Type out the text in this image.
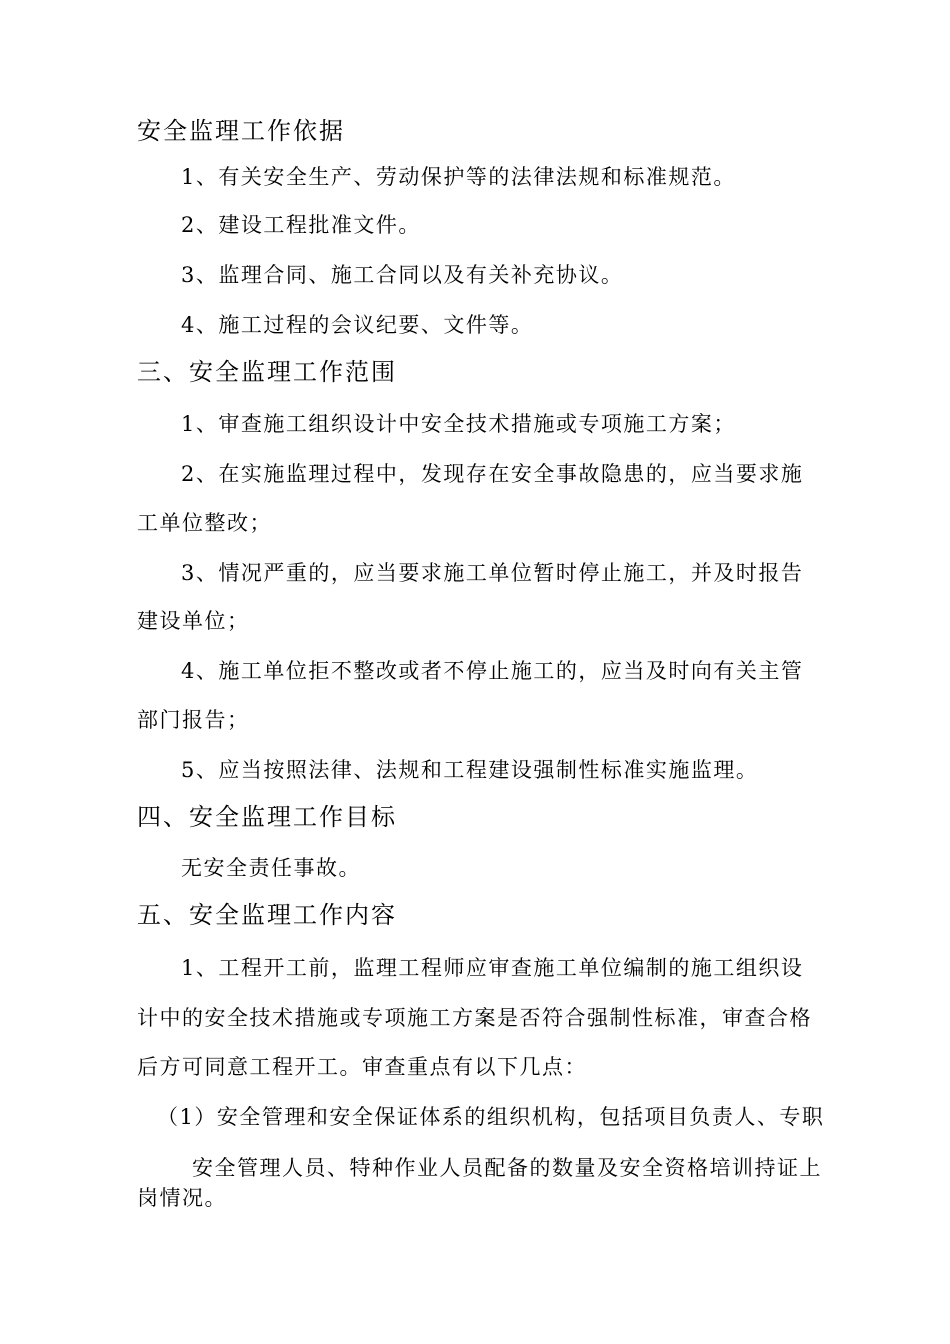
安全监理工作依据
1、有关安全生产、劳动保护等的法律法规和标准规范。
2、建设工程批准文件。
3、监理合同、施工合同以及有关补充协议。
4、施工过程的会议纪要、文件等。
三、安全监理工作范围
1、审查施工组织设计中安全技术措施或专项施工方案；
2、在实施监理过程中，发现存在安全事故隐患的，应当要求施
工单位整改；
3、情况严重的，应当要求施工单位暂时停止施工，并及时报告
建设单位；
4、施工单位拒不整改或者不停止施工的，应当及时向有关主管
部门报告；
5、应当按照法律、法规和工程建设强制性标准实施监理。
四、安全监理工作目标
无安全责任事故。
五、安全监理工作内容
1、工程开工前，监理工程师应审查施工单位编制的施工组织设
计中的安全技术措施或专项施工方案是否符合强制性标准，审查合格
后方可同意工程开工。审查重点有以下几点：
（1）安全管理和安全保证体系的组织机构，包括项目负责人、专职
安全管理人员、特种作业人员配备的数量及安全资格培训持证上
岗情况。
